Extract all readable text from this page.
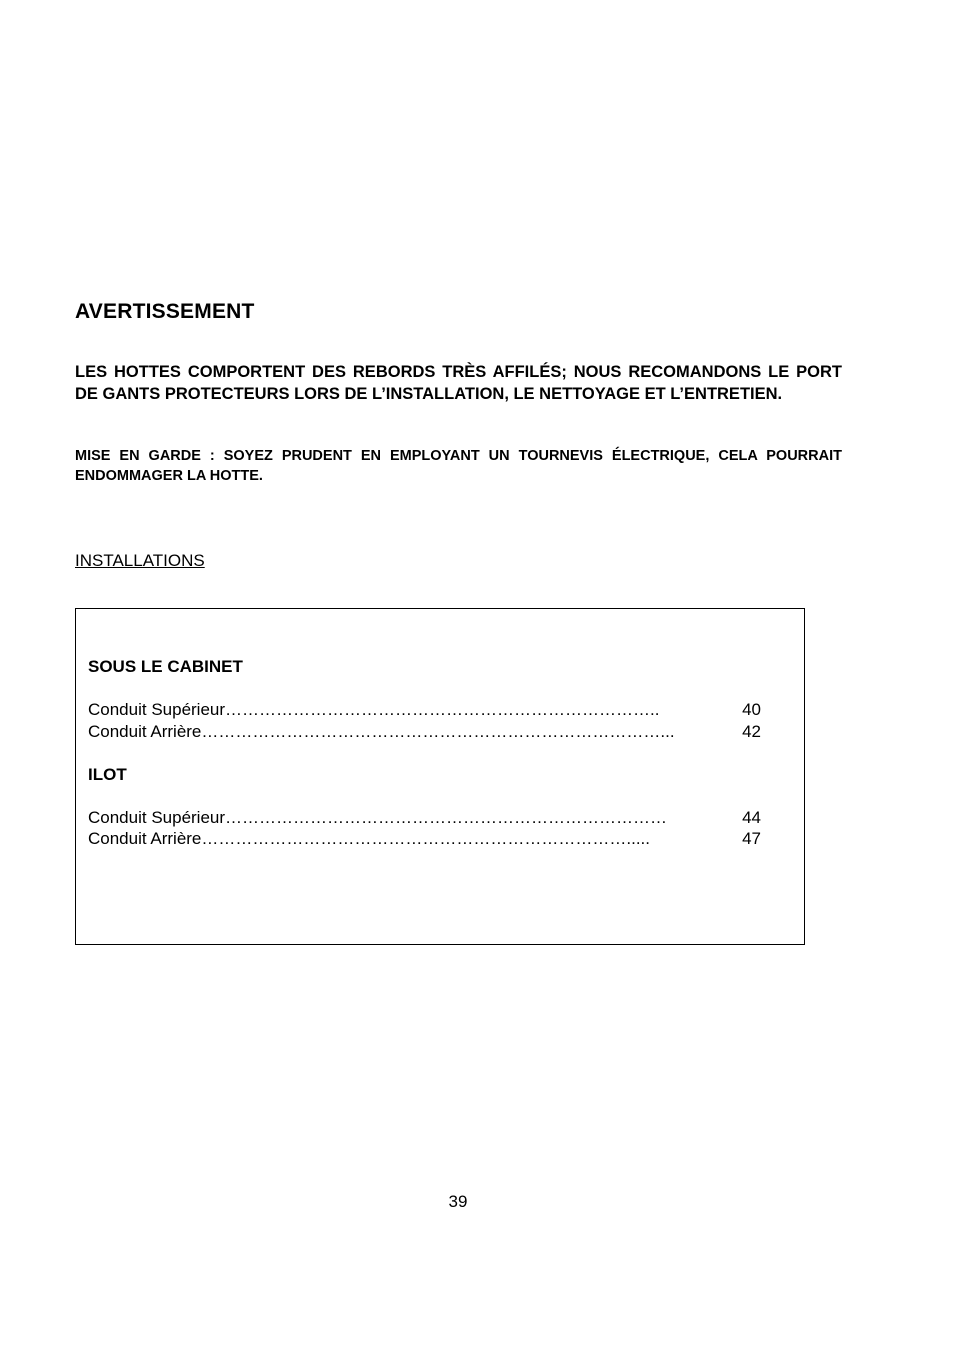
AVERTISSEMENT
LES HOTTES COMPORTENT DES REBORDS TRÈS AFFILÉS; NOUS RECOMANDONS LE PORT DE GANTS PROTECTEURS LORS DE L’INSTALLATION, LE NETTOYAGE ET L’ENTRETIEN.
MISE EN GARDE : SOYEZ PRUDENT EN EMPLOYANT UN TOURNEVIS ÉLECTRIQUE, CELA POURRAIT ENDOMMAGER LA HOTTE.
INSTALLATIONS
SOUS LE CABINET
Conduit Supérieur …………………………………………………………………..	40
Conduit Arrière ………………………………………………………………………...	42
ILOT
Conduit Supérieur ……………………………………………………………………	44
Conduit Arrière ………………………………………………………………….....	47
39
